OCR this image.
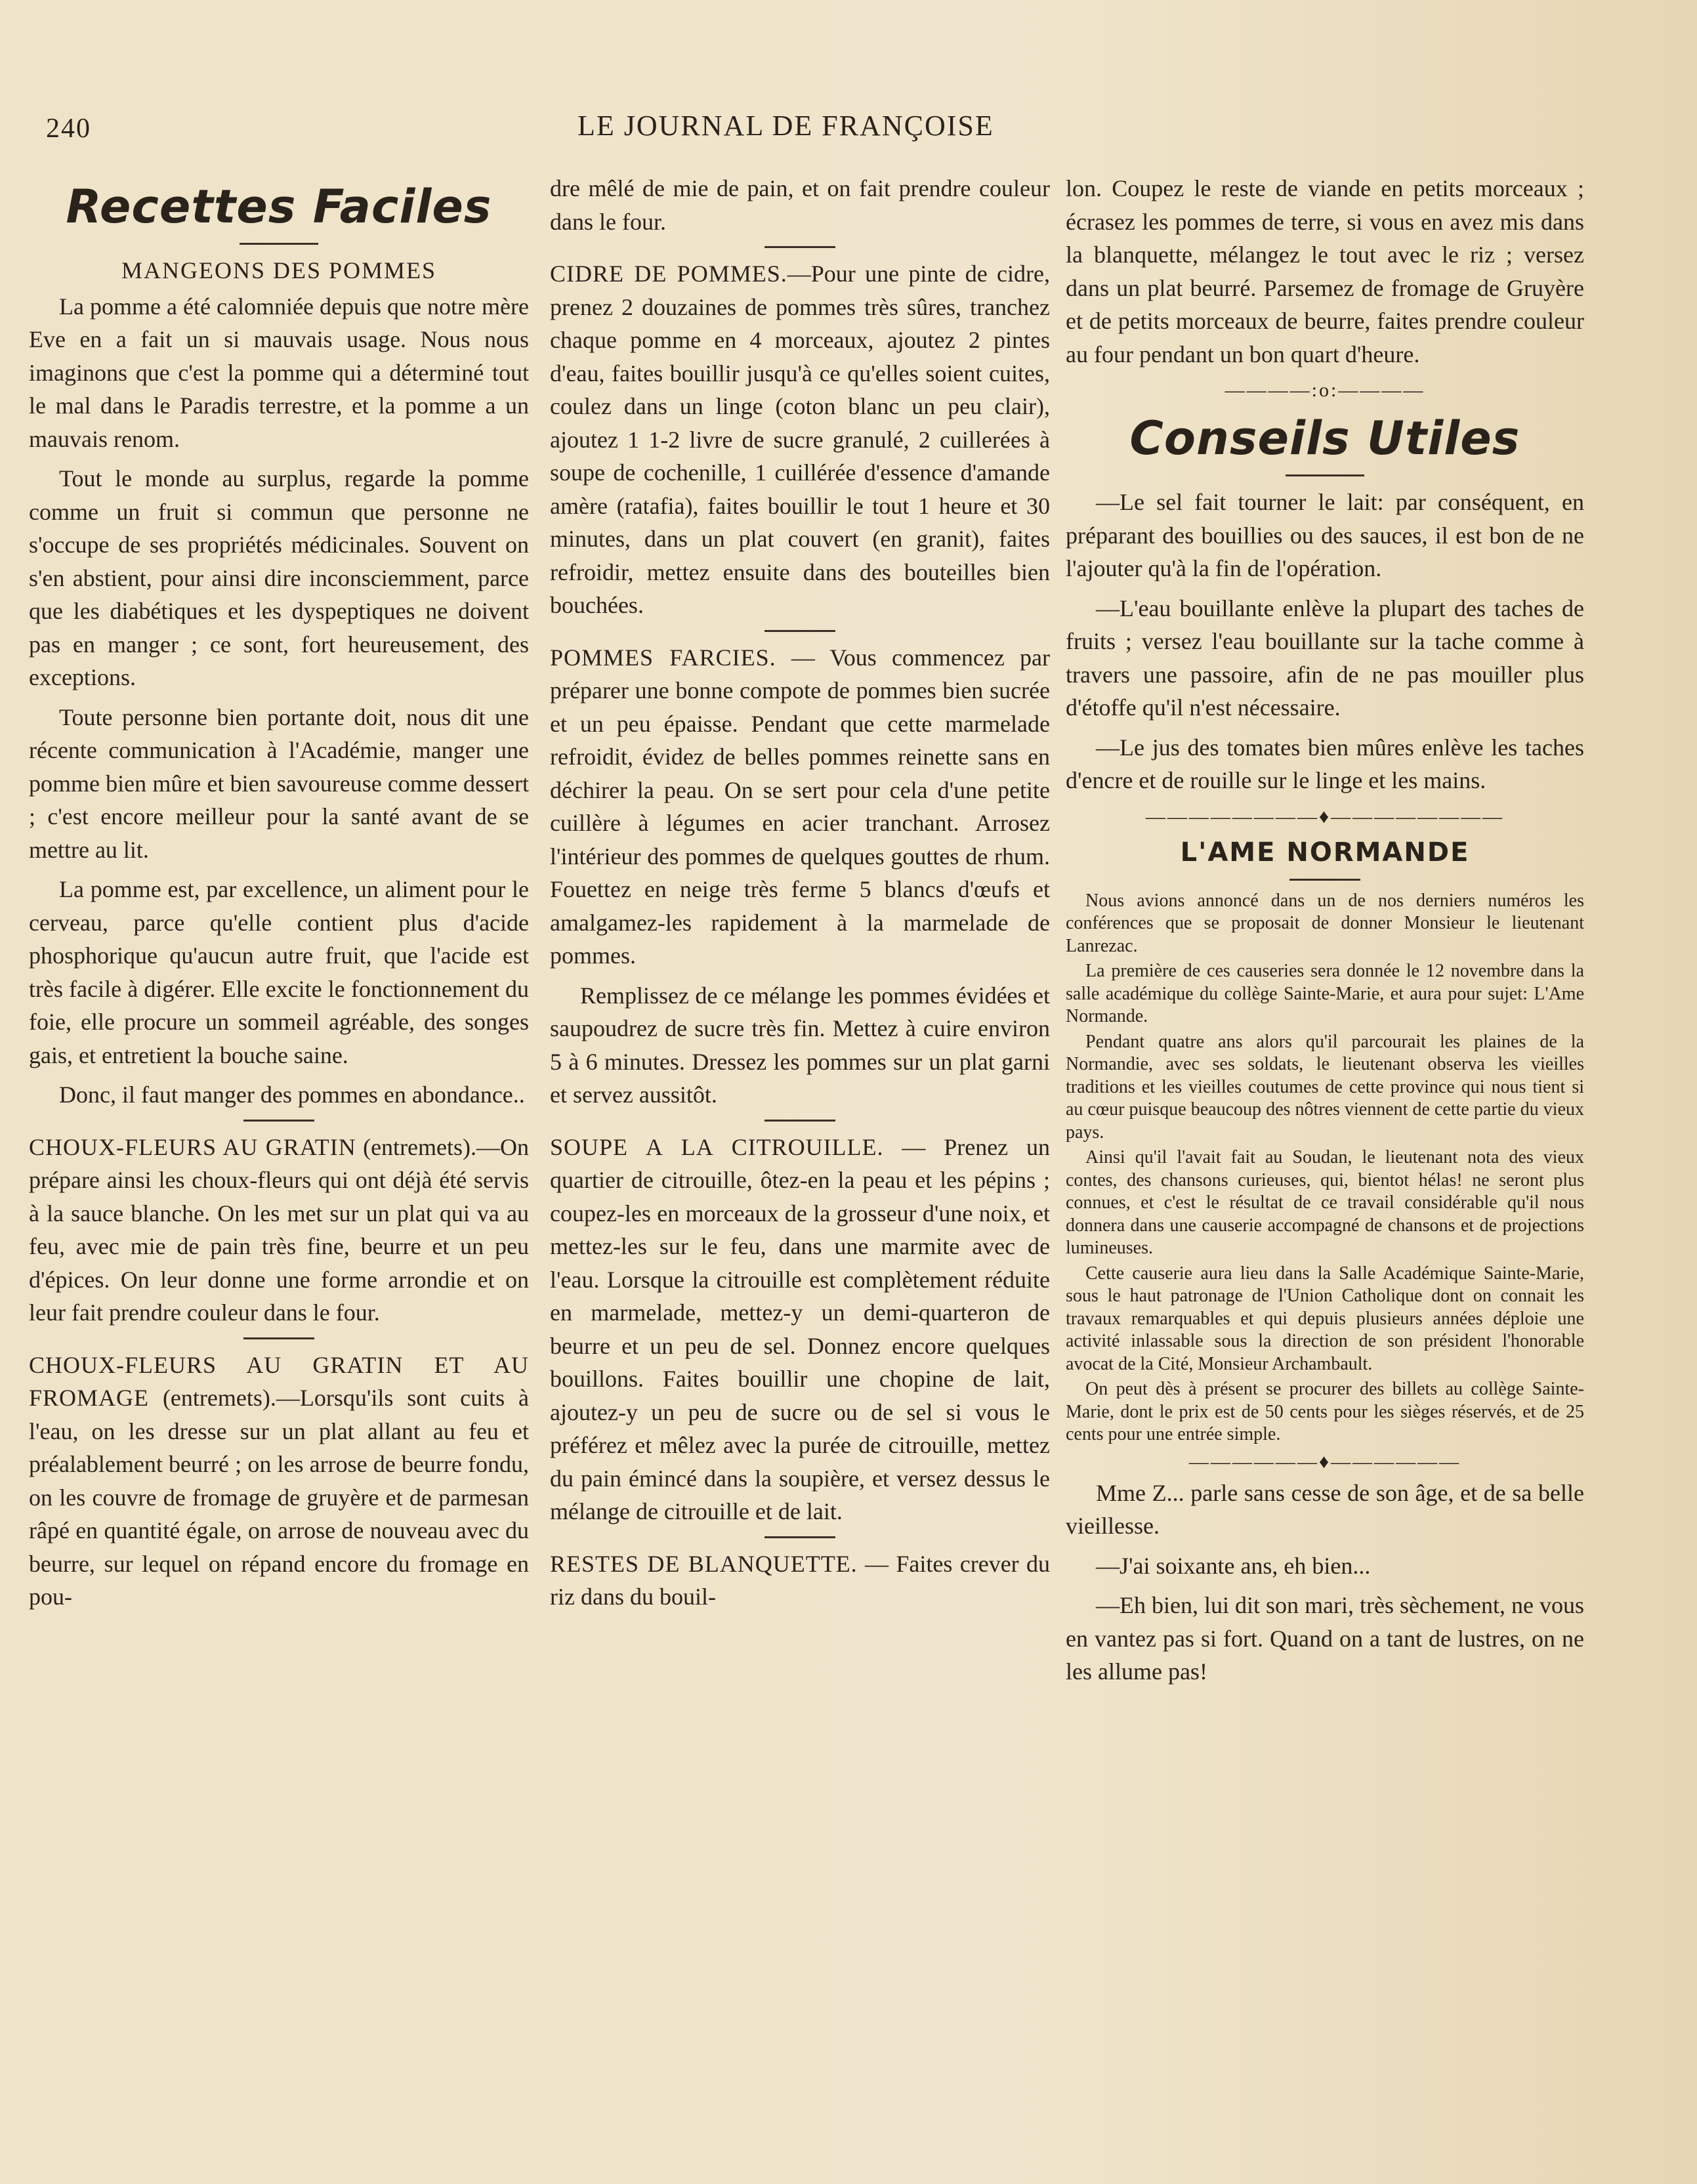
240	LE JOURNAL DE FRANÇOISE
Recettes Faciles

MANGEONS DES POMMES

La pomme a été calomniée depuis que notre mère Eve en a fait un si mauvais usage. Nous nous imaginons que c'est la pomme qui a déterminé tout le mal dans le Paradis terrestre, et la pomme a un mauvais renom.

Tout le monde au surplus, regarde la pomme comme un fruit si commun que personne ne s'occupe de ses propriétés médicinales. Souvent on s'en abstient, pour ainsi dire inconsciemment, parce que les diabétiques et les dyspeptiques ne doivent pas en manger ; ce sont, fort heureusement, des exceptions.

Toute personne bien portante doit, nous dit une récente communication à l'Académie, manger une pomme bien mûre et bien savoureuse comme dessert ; c'est encore meilleur pour la santé avant de se mettre au lit.

La pomme est, par excellence, un aliment pour le cerveau, parce qu'elle contient plus d'acide phosphorique qu'aucun autre fruit, que l'acide est très facile à digérer. Elle excite le fonctionnement du foie, elle procure un sommeil agréable, des songes gais, et entretient la bouche saine.

Donc, il faut manger des pommes en abondance..

CHOUX-FLEURS AU GRATIN (entremets).—On prépare ainsi les choux-fleurs qui ont déjà été servis à la sauce blanche. On les met sur un plat qui va au feu, avec mie de pain très fine, beurre et un peu d'épices. On leur donne une forme arrondie et on leur fait prendre couleur dans le four.

CHOUX-FLEURS AU GRATIN ET AU FROMAGE (entremets).—Lorsqu'ils sont cuits à l'eau, on les dresse sur un plat allant au feu et préalablement beurré ; on les arrose de beurre fondu, on les couvre de fromage de gruyère et de parmesan râpé en quantité égale, on arrose de nouveau avec du beurre, sur lequel on répand encore du fromage en pou-

dre mêlé de mie de pain, et on fait prendre couleur dans le four.

CIDRE DE POMMES.—Pour une pinte de cidre, prenez 2 douzaines de pommes très sûres, tranchez chaque pomme en 4 morceaux, ajoutez 2 pintes d'eau, faites bouillir jusqu'à ce qu'elles soient cuites, coulez dans un linge (coton blanc un peu clair), ajoutez 1 1-2 livre de sucre granulé, 2 cuillerées à soupe de cochenille, 1 cuillérée d'essence d'amande amère (ratafia), faites bouillir le tout 1 heure et 30 minutes, dans un plat couvert (en granit), faites refroidir, mettez ensuite dans des bouteilles bien bouchées.

POMMES FARCIES. — Vous commencez par préparer une bonne compote de pommes bien sucrée et un peu épaisse. Pendant que cette marmelade refroidit, évidez de belles pommes reinette sans en déchirer la peau. On se sert pour cela d'une petite cuillère à légumes en acier tranchant. Arrosez l'intérieur des pommes de quelques gouttes de rhum. Fouettez en neige très ferme 5 blancs d'œufs et amalgamez-les rapidement à la marmelade de pommes.

Remplissez de ce mélange les pommes évidées et saupoudrez de sucre très fin. Mettez à cuire environ 5 à 6 minutes. Dressez les pommes sur un plat garni et servez aussitôt.

SOUPE A LA CITROUILLE. — Prenez un quartier de citrouille, ôtez-en la peau et les pépins ; coupez-les en morceaux de la grosseur d'une noix, et mettez-les sur le feu, dans une marmite avec de l'eau. Lorsque la citrouille est complètement réduite en marmelade, mettez-y un demi-quarteron de beurre et un peu de sel. Donnez encore quelques bouillons. Faites bouillir une chopine de lait, ajoutez-y un peu de sucre ou de sel si vous le préférez et mêlez avec la purée de citrouille, mettez du pain émincé dans la soupière, et versez dessus le mélange de citrouille et de lait.

RESTES DE BLANQUETTE. — Faites crever du riz dans du bouil-

lon. Coupez le reste de viande en petits morceaux ; écrasez les pommes de terre, si vous en avez mis dans la blanquette, mélangez le tout avec le riz ; versez dans un plat beurré. Parsemez de fromage de Gruyère et de petits morceaux de beurre, faites prendre couleur au four pendant un bon quart d'heure.

————:o:————
Conseils Utiles

—Le sel fait tourner le lait: par conséquent, en préparant des bouillies ou des sauces, il est bon de ne l'ajouter qu'à la fin de l'opération.

—L'eau bouillante enlève la plupart des taches de fruits ; versez l'eau bouillante sur la tache comme à travers une passoire, afin de ne pas mouiller plus d'étoffe qu'il n'est nécessaire.

—Le jus des tomates bien mûres enlève les taches d'encre et de rouille sur le linge et les mains.

————————♦————————
L'AME NORMANDE

Nous avions annoncé dans un de nos derniers numéros les conférences que se proposait de donner Monsieur le lieutenant Lanrezac.

La première de ces causeries sera donnée le 12 novembre dans la salle académique du collège Sainte-Marie, et aura pour sujet: L'Ame Normande.

Pendant quatre ans alors qu'il parcourait les plaines de la Normandie, avec ses soldats, le lieutenant observa les vieilles traditions et les vieilles coutumes de cette province qui nous tient si au cœur puisque beaucoup des nôtres viennent de cette partie du vieux pays.

Ainsi qu'il l'avait fait au Soudan, le lieutenant nota des vieux contes, des chansons curieuses, qui, bientot hélas! ne seront plus connues, et c'est le résultat de ce travail considérable qu'il nous donnera dans une causerie accompagné de chansons et de projections lumineuses.

Cette causerie aura lieu dans la Salle Académique Sainte-Marie, sous le haut patronage de l'Union Catholique dont on connait les travaux remarquables et qui depuis plusieurs années déploie une activité inlassable sous la direction de son président l'honorable avocat de la Cité, Monsieur Archambault.

On peut dès à présent se procurer des billets au collège Sainte-Marie, dont le prix est de 50 cents pour les sièges réservés, et de 25 cents pour une entrée simple.

——————♦——————

Mme Z... parle sans cesse de son âge, et de sa belle vieillesse.

—J'ai soixante ans, eh bien...

—Eh bien, lui dit son mari, très sèchement, ne vous en vantez pas si fort. Quand on a tant de lustres, on ne les allume pas!
